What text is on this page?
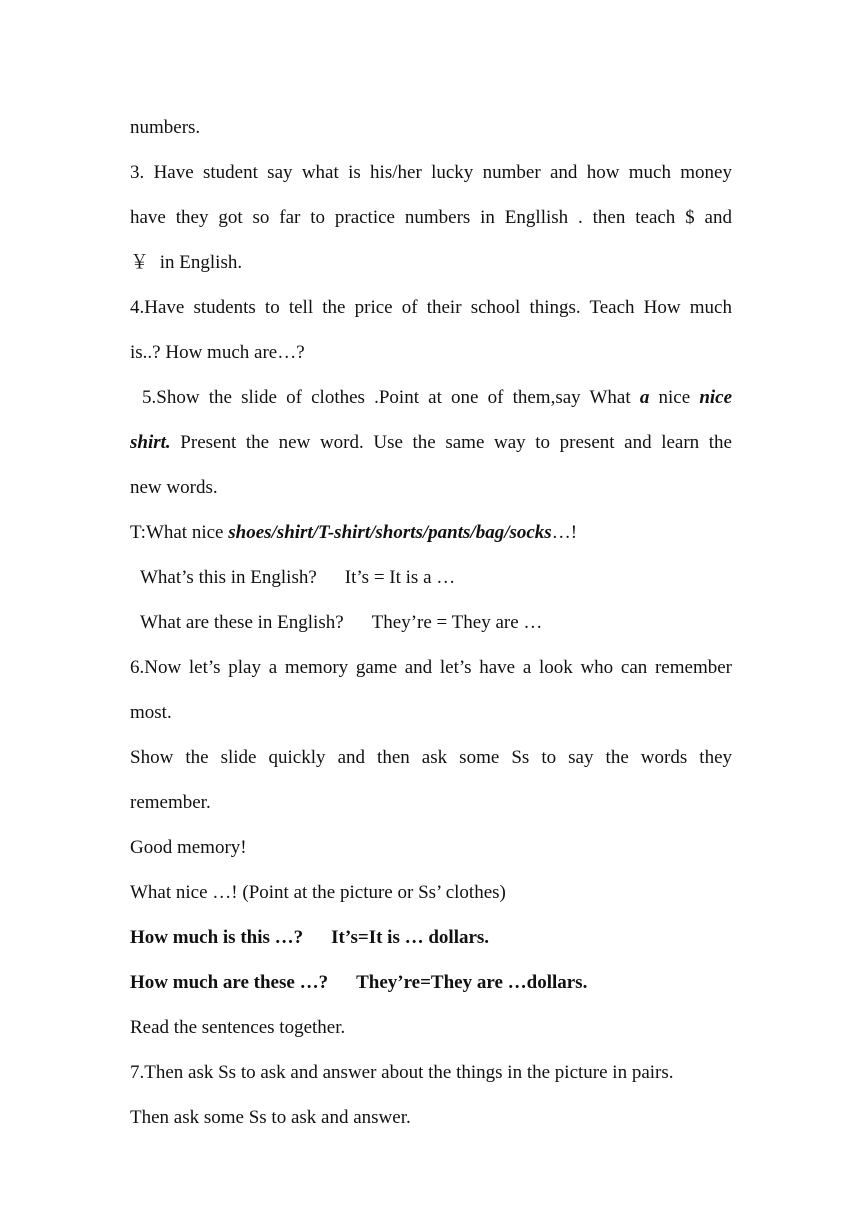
numbers.
3. Have student say what is his/her lucky number and how much money
have they got so far to practice numbers in Engllish . then teach $ and
￥ in English.
4.Have students to tell the price of their school things. Teach How much
is..? How much are…?
5.Show the slide of clothes .Point at one of them,say What a nice nice
shirt. Present the new word. Use the same way to present and learn the
new words.
T:What nice shoes/shirt/T-shirt/shorts/pants/bag/socks…!
What’s this in English? It’s = It is a …
What are these in English? They’re = They are …
6.Now let’s play a memory game and let’s have a look who can remember
most.
Show the slide quickly and then ask some Ss to say the words they
remember.
Good memory!
What nice …! (Point at the picture or Ss’ clothes)
How much is this …? It’s=It is … dollars.
How much are these …? They’re=They are …dollars.
Read the sentences together.
7.Then ask Ss to ask and answer about the things in the picture in pairs.
Then ask some Ss to ask and answer.
